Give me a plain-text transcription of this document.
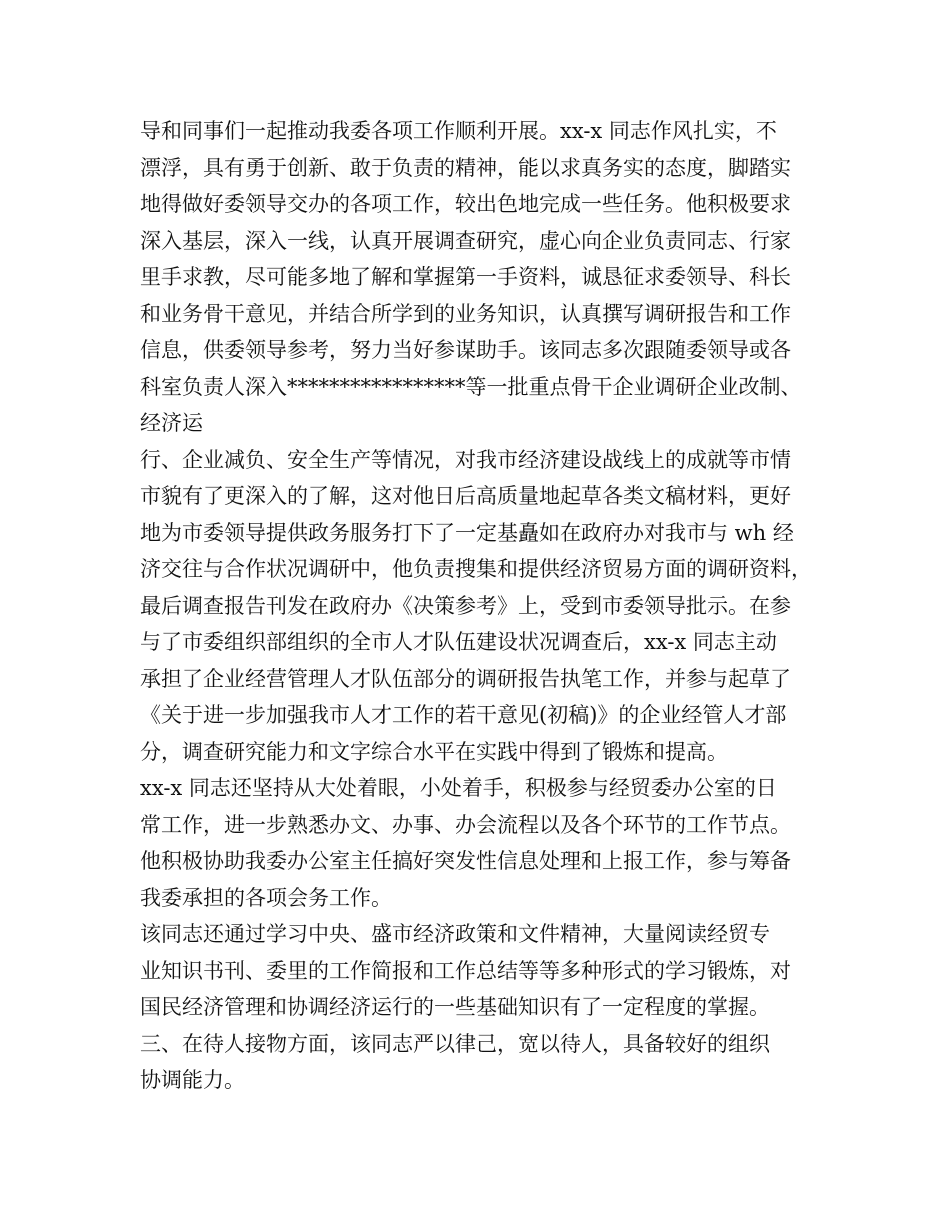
导和同事们一起推动我委各项工作顺利开展。xx-x 同志作风扎实，不
漂浮，具有勇于创新、敢于负责的精神，能以求真务实的态度，脚踏实
地得做好委领导交办的各项工作，较出色地完成一些任务。他积极要求
深入基层，深入一线，认真开展调查研究，虚心向企业负责同志、行家
里手求教，尽可能多地了解和掌握第一手资料，诚恳征求委领导、科长
和业务骨干意见，并结合所学到的业务知识，认真撰写调研报告和工作
信息，供委领导参考，努力当好参谋助手。该同志多次跟随委领导或各
科室负责人深入*****************等一批重点骨干企业调研企业改制、
经济运
行、企业减负、安全生产等情况，对我市经济建设战线上的成就等市情
市貌有了更深入的了解，这对他日后高质量地起草各类文稿材料，更好
地为市委领导提供政务服务打下了一定基矗如在政府办对我市与 wh 经
济交往与合作状况调研中，他负责搜集和提供经济贸易方面的调研资料，
最后调查报告刊发在政府办《决策参考》上，受到市委领导批示。在参
与了市委组织部组织的全市人才队伍建设状况调查后，xx-x 同志主动
承担了企业经营管理人才队伍部分的调研报告执笔工作，并参与起草了
《关于进一步加强我市人才工作的若干意见(初稿)》的企业经管人才部
分，调查研究能力和文字综合水平在实践中得到了锻炼和提高。
xx-x 同志还坚持从大处着眼，小处着手，积极参与经贸委办公室的日
常工作，进一步熟悉办文、办事、办会流程以及各个环节的工作节点。
他积极协助我委办公室主任搞好突发性信息处理和上报工作，参与筹备
我委承担的各项会务工作。
该同志还通过学习中央、盛市经济政策和文件精神，大量阅读经贸专
业知识书刊、委里的工作简报和工作总结等等多种形式的学习锻炼，对
国民经济管理和协调经济运行的一些基础知识有了一定程度的掌握。
三、在待人接物方面，该同志严以律己，宽以待人，具备较好的组织
协调能力。
